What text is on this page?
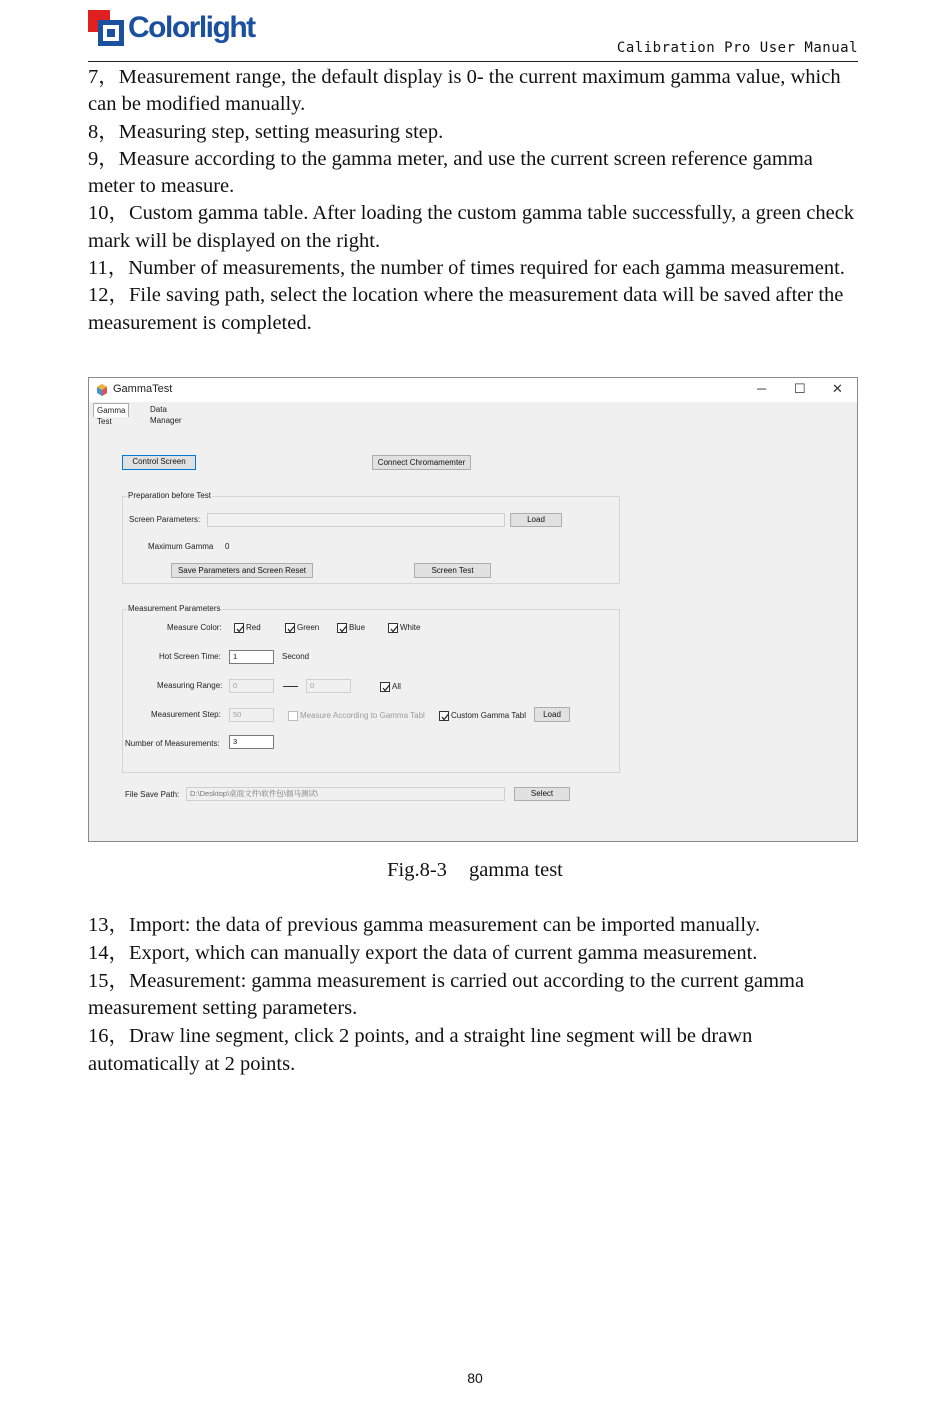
Colorlight
Calibration Pro User Manual

7，Measurement range, the default display is 0- the current maximum gamma value, which can be modified manually.

8，Measuring step, setting measuring step.

9，Measure according to the gamma meter, and use the current screen reference gamma meter to measure.

10，Custom gamma table. After loading the custom gamma table successfully, a green check mark will be displayed on the right.

11，Number of measurements, the number of times required for each gamma measurement.

12，File saving path, select the location where the measurement data will be saved after the measurement is completed.

GammaTest	─ ☐ ✕
Gamma Test
Data Manager
Control Screen	Connect Chromamemter
Preparation before Test
Screen Parameters:	Load
Maximum Gamma 0
Save Parameters and Screen Reset	Screen Test
Measurement Parameters
Measure Color:	Red	Green	Blue	White
Hot Screen Time:	1	Second
Measuring Range:	0	0	All
Measurement Step:	50	Measure According to Gamma Tabl	Custom Gamma Tabl	Load
Number of Measurements:	3
File Save Path:	D:\Desktop\桌面文件\软件包\伽马测试\	Select
Fig.8-3 gamma test

13，Import: the data of previous gamma measurement can be imported manually.

14，Export, which can manually export the data of current gamma measurement.

15，Measurement: gamma measurement is carried out according to the current gamma measurement setting parameters.

16，Draw line segment, click 2 points, and a straight line segment will be drawn automatically at 2 points.

80
